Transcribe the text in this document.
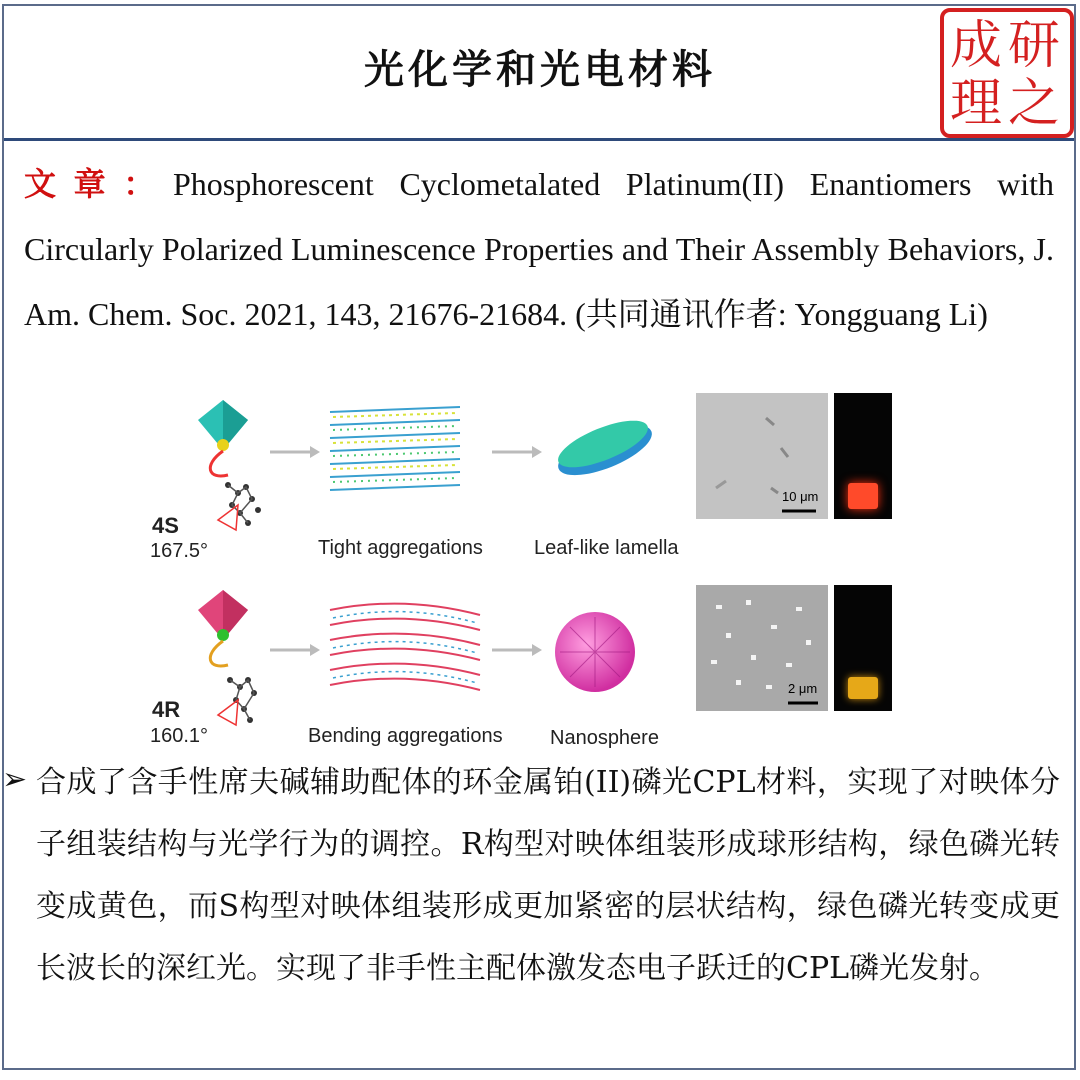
光化学和光电材料	成 研
理 之
文章：Phosphorescent Cyclometalated Platinum(II) Enantiomers with Circularly Polarized Luminescence Properties and Their Assembly Behaviors, J. Am. Chem. Soc. 2021, 143, 21676-21684. (共同通讯作者: Yongguang Li)
4S
167.5°	Tight aggregations	Leaf-like lamella
10 μm
4R
160.1°	Bending aggregations Nanosphere
2 μm
➢ 合成了含手性席夫碱辅助配体的环金属铂(II)磷光CPL材料，实现了对映体分子组装结构与光学行为的调控。R构型对映体组装形成球形结构，绿色磷光转变成黄色，而S构型对映体组装形成更加紧密的层状结构，绿色磷光转变成更长波长的深红光。实现了非手性主配体激发态电子跃迁的CPL磷光发射。
